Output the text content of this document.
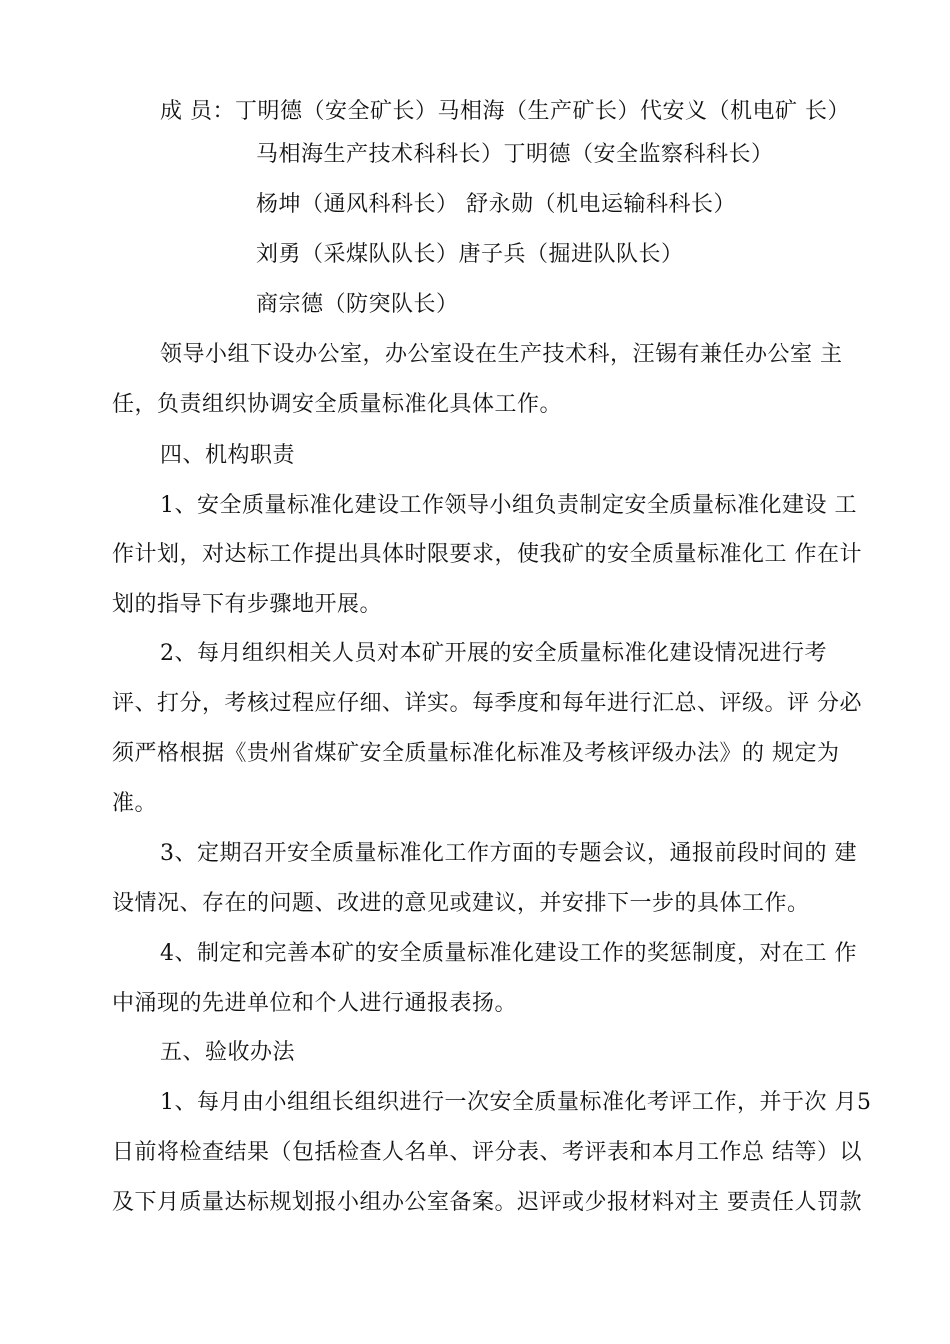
成 员：丁明德（安全矿长）马相海（生产矿长）代安义（机电矿 长）
马相海生产技术科科长）丁明德（安全监察科科长）
杨坤（通风科科长） 舒永勋（机电运输科科长）
刘勇（采煤队队长）唐子兵（掘进队队长）
商宗德（防突队长）
领导小组下设办公室，办公室设在生产技术科，汪锡有兼任办公室 主
任，负责组织协调安全质量标准化具体工作。
四、机构职责
1、安全质量标准化建设工作领导小组负责制定安全质量标准化建设 工
作计划，对达标工作提出具体时限要求，使我矿的安全质量标准化工 作在计
划的指导下有步骤地开展。
2、每月组织相关人员对本矿开展的安全质量标准化建设情况进行考
评、打分，考核过程应仔细、详实。每季度和每年进行汇总、评级。评 分必
须严格根据《贵州省煤矿安全质量标准化标准及考核评级办法》的 规定为
准。
3、定期召开安全质量标准化工作方面的专题会议，通报前段时间的 建
设情况、存在的问题、改进的意见或建议，并安排下一步的具体工作。
4、制定和完善本矿的安全质量标准化建设工作的奖惩制度，对在工 作
中涌现的先进单位和个人进行通报表扬。
五、验收办法
1、每月由小组组长组织进行一次安全质量标准化考评工作，并于次 月5
日前将检查结果（包括检查人名单、评分表、考评表和本月工作总 结等）以
及下月质量达标规划报小组办公室备案。迟评或少报材料对主 要责任人罚款
